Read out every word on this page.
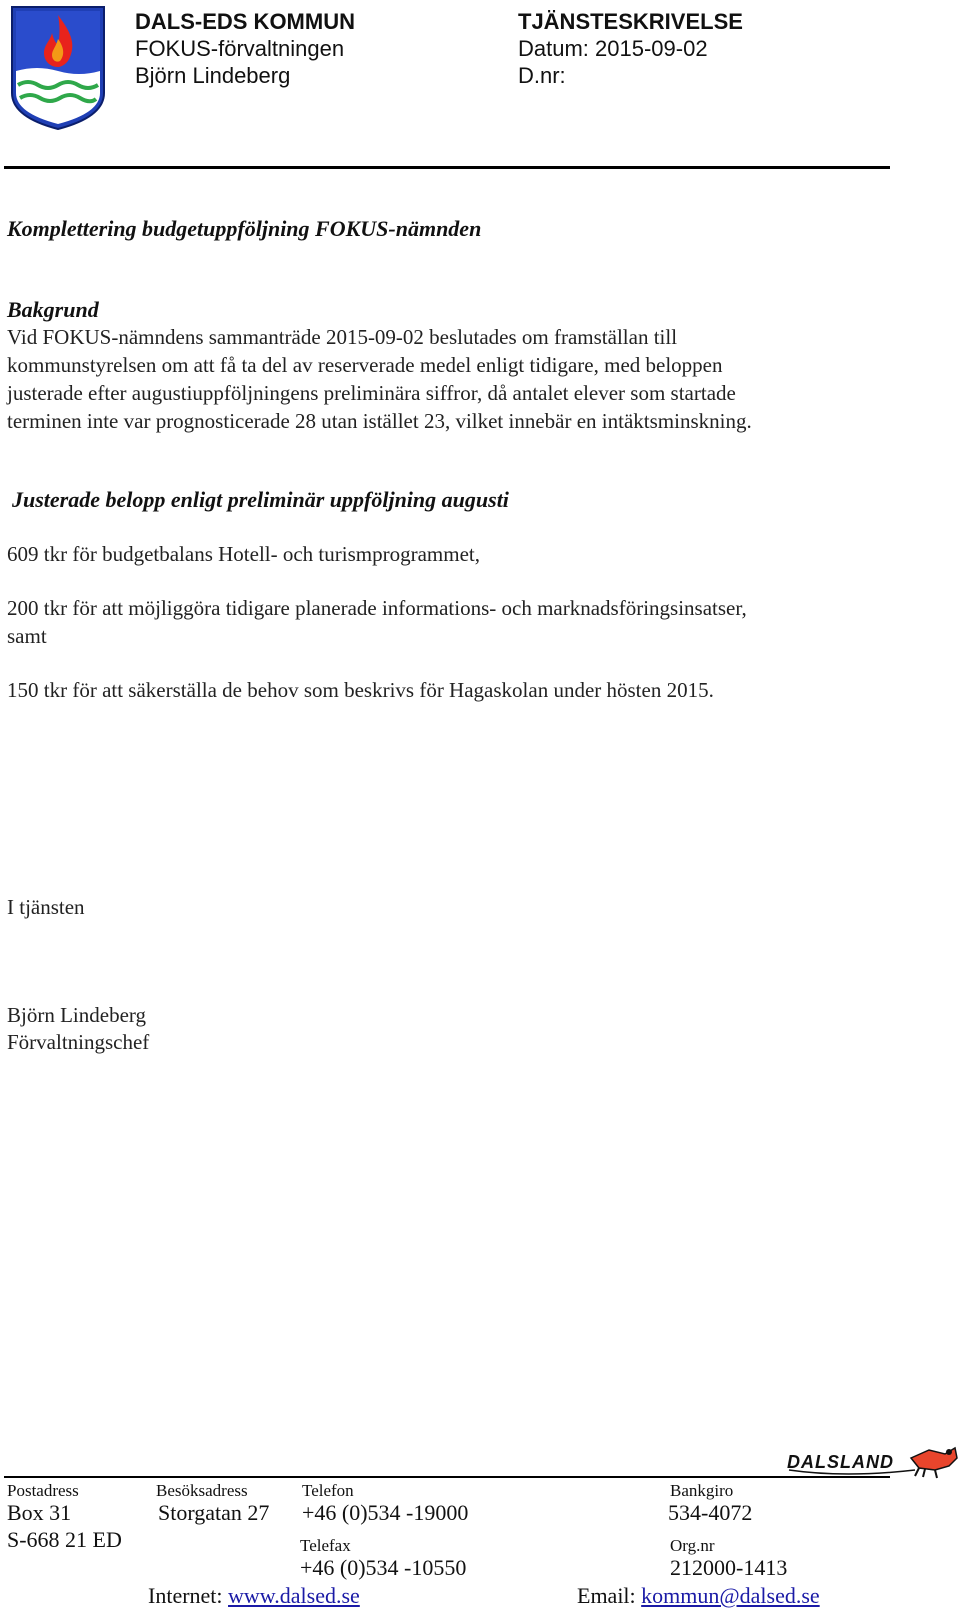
DALS-EDS KOMMUN
FOKUS-förvaltningen
Björn Lindeberg
TJÄNSTESKRIVELSE
Datum: 2015-09-02
D.nr:
Komplettering budgetuppföljning FOKUS-nämnden
Bakgrund
Vid FOKUS-nämndens sammanträde 2015-09-02 beslutades om framställan till
kommunstyrelsen om att få ta del av reserverade medel enligt tidigare, med beloppen
justerade efter augustiuppföljningens preliminära siffror, då antalet elever som startade
terminen inte var prognosticerade 28 utan istället 23, vilket innebär en intäktsminskning.
Justerade belopp enligt preliminär uppföljning augusti
609 tkr för budgetbalans Hotell- och turismprogrammet,
200 tkr för att möjliggöra tidigare planerade informations- och marknadsföringsinsatser,
samt
150 tkr för att säkerställa de behov som beskrivs för Hagaskolan under hösten 2015.
I tjänsten
Björn Lindeberg
Förvaltningschef
DALSLAND
Postadress
Box 31
S-668 21 ED
Besöksadress
Storgatan 27
Telefon
+46 (0)534 -19000
Telefax
+46 (0)534 -10550
Bankgiro
534-4072
Org.nr
212000-1413
Internet: www.dalsed.se	Email: kommun@dalsed.se
